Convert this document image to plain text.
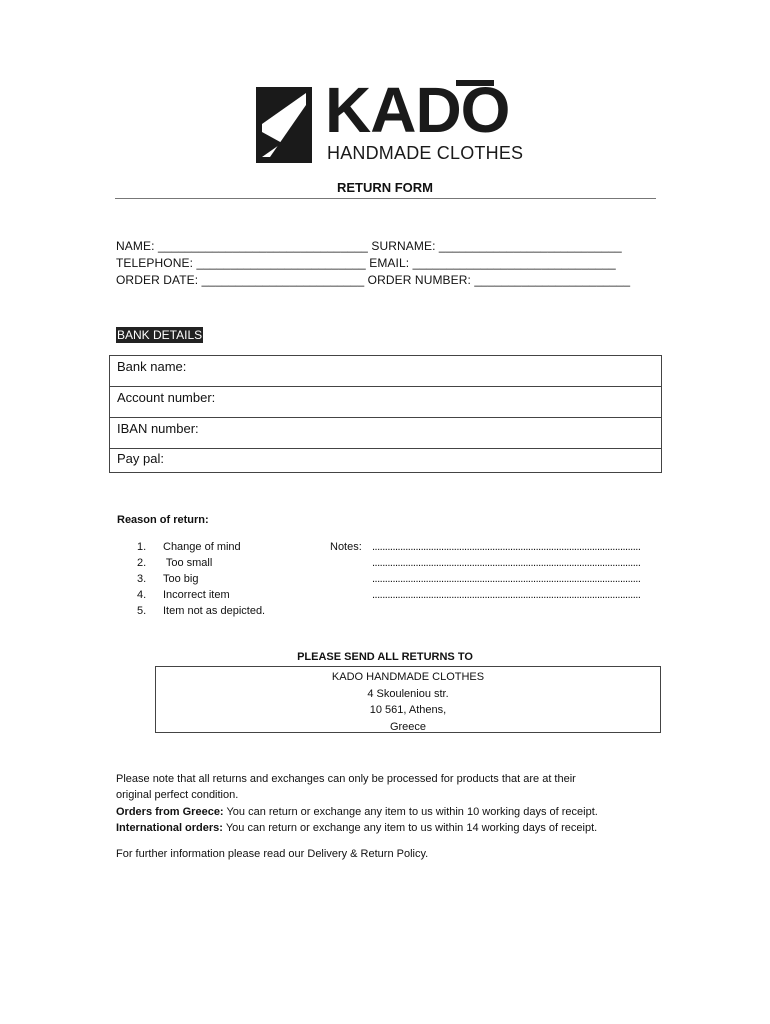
KADO
HANDMADE CLOTHES
RETURN FORM
NAME: _______________________________ SURNAME: ___________________________
TELEPHONE: _________________________ EMAIL: ______________________________
ORDER DATE: ________________________ ORDER NUMBER: _______________________
BANK DETAILS
Bank name:
Account number:
IBAN number:
Pay pal:
Reason of return:
1. Change of mind
2. Too small
3. Too big
4. Incorrect item
5. Item not as depicted.
Notes: .........................................................................................................
.........................................................................................................
.........................................................................................................
.........................................................................................................
PLEASE SEND ALL RETURNS TO
KADO HANDMADE CLOTHES
4 Skouleniou str.
10 561, Athens,
Greece
Please note that all returns and exchanges can only be processed for products that are at their
original perfect condition.
Orders from Greece: You can return or exchange any item to us within 10 working days of receipt.
International orders: You can return or exchange any item to us within 14 working days of receipt.
For further information please read our Delivery & Return Policy.
